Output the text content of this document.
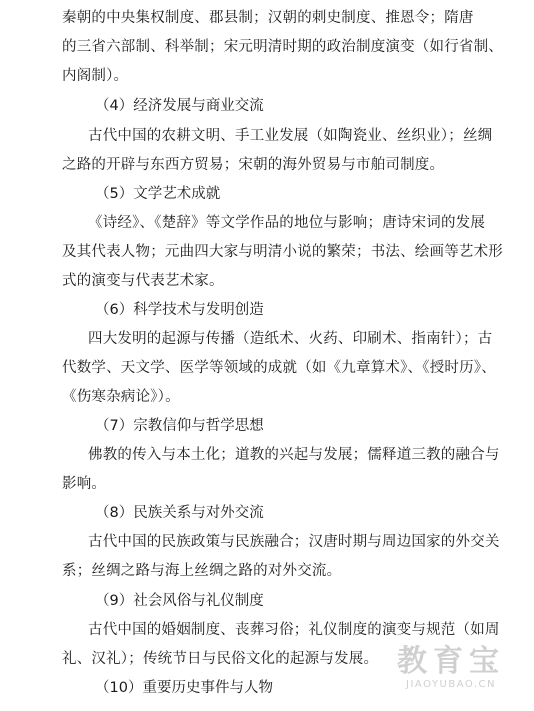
秦朝的中央集权制度、郡县制；汉朝的刺史制度、推恩令；隋唐
的三省六部制、科举制；宋元明清时期的政治制度演变（如行省制、
内阁制）。
（4）经济发展与商业交流
古代中国的农耕文明、手工业发展（如陶瓷业、丝织业）；丝绸
之路的开辟与东西方贸易；宋朝的海外贸易与市舶司制度。
（5）文学艺术成就
《诗经》、《楚辞》等文学作品的地位与影响；唐诗宋词的发展
及其代表人物；元曲四大家与明清小说的繁荣；书法、绘画等艺术形
式的演变与代表艺术家。
（6）科学技术与发明创造
四大发明的起源与传播（造纸术、火药、印刷术、指南针）；古
代数学、天文学、医学等领域的成就（如《九章算术》、《授时历》、
《伤寒杂病论》）。
（7）宗教信仰与哲学思想
佛教的传入与本土化；道教的兴起与发展；儒释道三教的融合与
影响。
（8）民族关系与对外交流
古代中国的民族政策与民族融合；汉唐时期与周边国家的外交关
系；丝绸之路与海上丝绸之路的对外交流。
（9）社会风俗与礼仪制度
古代中国的婚姻制度、丧葬习俗；礼仪制度的演变与规范（如周
礼、汉礼）；传统节日与民俗文化的起源与发展。
（10）重要历史事件与人物
教育宝
JIAOYUBAO.CN
